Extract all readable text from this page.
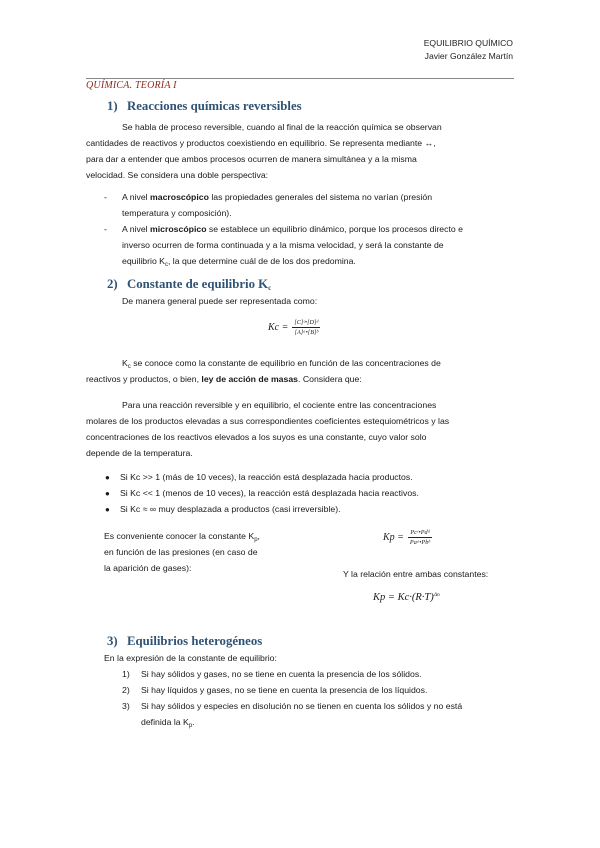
EQUILIBRIO QUÍMICO
Javier González Martín
QUÍMICA. TEORÍA I
1) Reacciones químicas reversibles

Se habla de proceso reversible, cuando al final de la reacción química se observan

cantidades de reactivos y productos coexistiendo en equilibrio. Se representa mediante ↔,

para dar a entender que ambos procesos ocurren de manera simultánea y a la misma

velocidad. Se considera una doble perspectiva:

- A nivel macroscópico las propiedades generales del sistema no varían (presión

temperatura y composición).

- A nivel microscópico se establece un equilibrio dinámico, porque los procesos directo e

inverso ocurren de forma continuada y a la misma velocidad, y será la constante de

equilibrio $K_c$, la que determine cuál de de los dos predomina.

2) Constante de equilibrio $K_c$

De manera general puede ser representada como:

$Kc = \frac{\text{[C]ᶜ•[D]ᵈ}}{\text{[A]ᵃ•[B]ᵇ}}$

$K_c$ se conoce como la constante de equilibrio en función de las concentraciones de

reactivos y productos, o bien, ley de acción de masas. Considera que:

Para una reacción reversible y en equilibrio, el cociente entre las concentraciones

molares de los productos elevadas a sus correspondientes coeficientes estequiométricos y las

concentraciones de los reactivos elevados a los suyos es una constante, cuyo valor solo

depende de la temperatura.

● Si Kc >> 1 (más de 10 veces), la reacción está desplazada hacia productos.

● Si Kc << 1 (menos de 10 veces), la reacción está desplazada hacia reactivos.

● Si Kc ≈ ∞ muy desplazada a productos (casi irreversible).

Es conveniente conocer la constante $K_p$,

en función de las presiones (en caso de

la aparición de gases):

$Kp = \frac{\text{Pcᶜ•Pdᵈ}}{\text{Paᵃ•Pbᵇ}}$

Y la relación entre ambas constantes:

$Kp = Kc\cdot(R\cdot T)^{\Delta n}$
3) Equilibrios heterogéneos

En la expresión de la constante de equilibrio:

1) Si hay sólidos y gases, no se tiene en cuenta la presencia de los sólidos.

2) Si hay líquidos y gases, no se tiene en cuenta la presencia de los líquidos.

3) Si hay sólidos y especies en disolución no se tienen en cuenta los sólidos y no está

definida la $K_p$.
